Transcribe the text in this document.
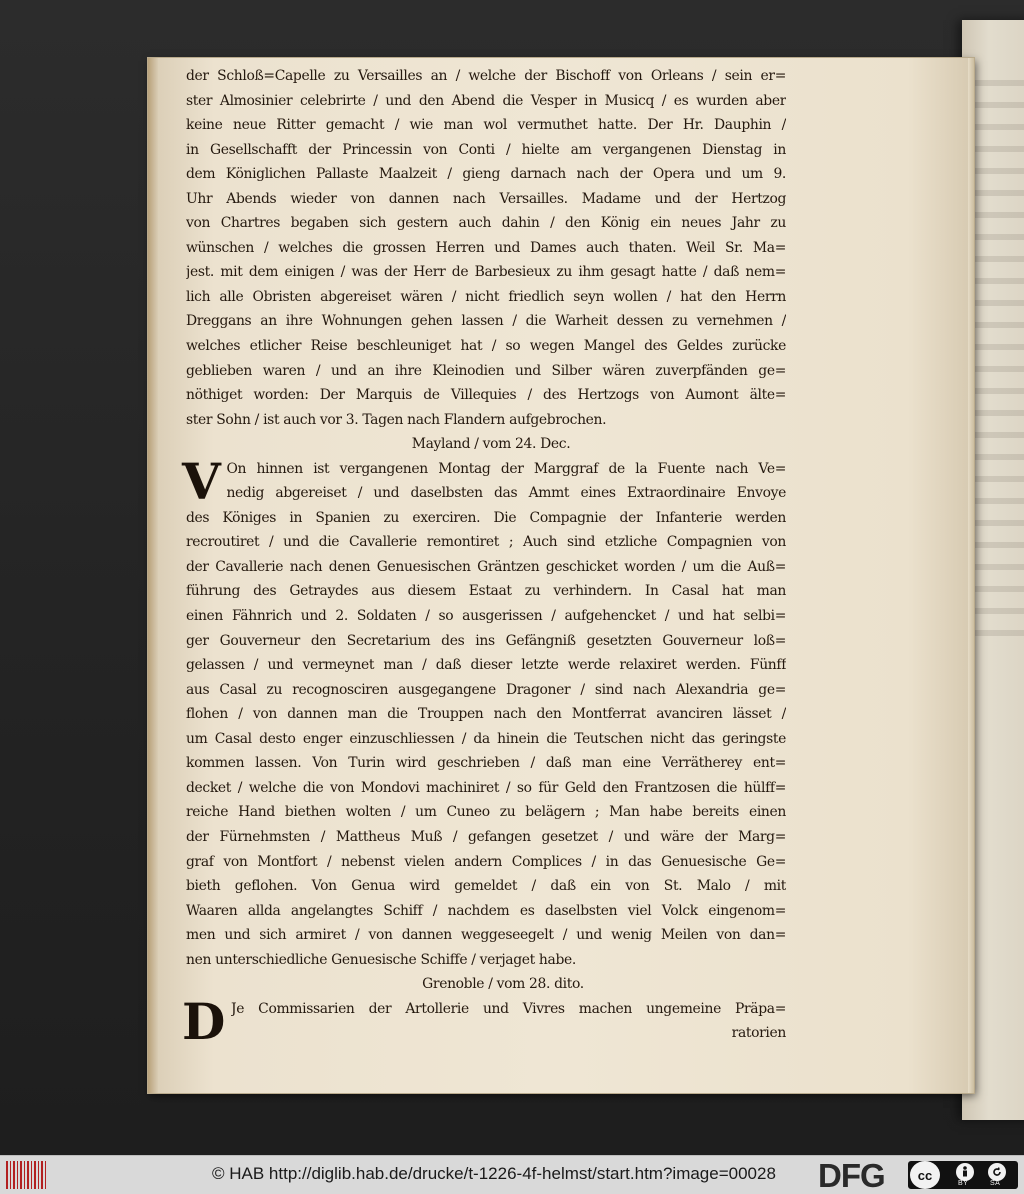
der Schloß=Capelle zu Versailles an / welche der Bischoff von Orleans / sein er=
ster Almosinier celebrirte / und den Abend die Vesper in Musicq / es wurden aber
keine neue Ritter gemacht / wie man wol vermuthet hatte. Der Hr. Dauphin /
in Gesellschafft der Princessin von Conti / hielte am vergangenen Dienstag in
dem Königlichen Pallaste Maalzeit / gieng darnach nach der Opera und um 9.
Uhr Abends wieder von dannen nach Versailles. Madame und der Hertzog
von Chartres begaben sich gestern auch dahin / den König ein neues Jahr zu
wünschen / welches die grossen Herren und Dames auch thaten. Weil Sr. Ma=
jest. mit dem einigen / was der Herr de Barbesieux zu ihm gesagt hatte / daß nem=
lich alle Obristen abgereiset wären / nicht friedlich seyn wollen / hat den Herrn
Dreggans an ihre Wohnungen gehen lassen / die Warheit dessen zu vernehmen /
welches etlicher Reise beschleuniget hat / so wegen Mangel des Geldes zurücke
geblieben waren / und an ihre Kleinodien und Silber wären zuverpfänden ge=
nöthiget worden: Der Marquis de Villequies / des Hertzogs von Aumont älte=
ster Sohn / ist auch vor 3. Tagen nach Flandern aufgebrochen.
Mayland / vom 24. Dec.
V On hinnen ist vergangenen Montag der Marggraf de la Fuente nach Ve=
nedig abgereiset / und daselbsten das Ammt eines Extraordinaire Envoye
des Königes in Spanien zu exerciren. Die Compagnie der Infanterie werden
recroutiret / und die Cavallerie remontiret ; Auch sind etzliche Compagnien von
der Cavallerie nach denen Genuesischen Gräntzen geschicket worden / um die Auß=
führung des Getraydes aus diesem Estaat zu verhindern. In Casal hat man
einen Fähnrich und 2. Soldaten / so ausgerissen / aufgehencket / und hat selbi=
ger Gouverneur den Secretarium des ins Gefängniß gesetzten Gouverneur loß=
gelassen / und vermeynet man / daß dieser letzte werde relaxiret werden. Fünff
aus Casal zu recognosciren ausgegangene Dragoner / sind nach Alexandria ge=
flohen / von dannen man die Trouppen nach den Montferrat avanciren lässet /
um Casal desto enger einzuschliessen / da hinein die Teutschen nicht das geringste
kommen lassen. Von Turin wird geschrieben / daß man eine Verrätherey ent=
decket / welche die von Mondovi machiniret / so für Geld den Frantzosen die hülff=
reiche Hand biethen wolten / um Cuneo zu belägern ; Man habe bereits einen
der Fürnehmsten / Mattheus Muß / gefangen gesetzet / und wäre der Marg=
graf von Montfort / nebenst vielen andern Complices / in das Genuesische Ge=
bieth geflohen. Von Genua wird gemeldet / daß ein von St. Malo / mit
Waaren allda angelangtes Schiff / nachdem es daselbsten viel Volck eingenom=
men und sich armiret / von dannen weggeseegelt / und wenig Meilen von dan=
nen unterschiedliche Genuesische Schiffe / verjaget habe.
Grenoble / vom 28. dito.
D Je Commissarien der Artollerie und Vivres machen ungemeine Präpa=
ratorien
© HAB http://diglib.hab.de/drucke/t-1226-4f-helmst/start.htm?image=00028 DFG	cc
BY	SA
